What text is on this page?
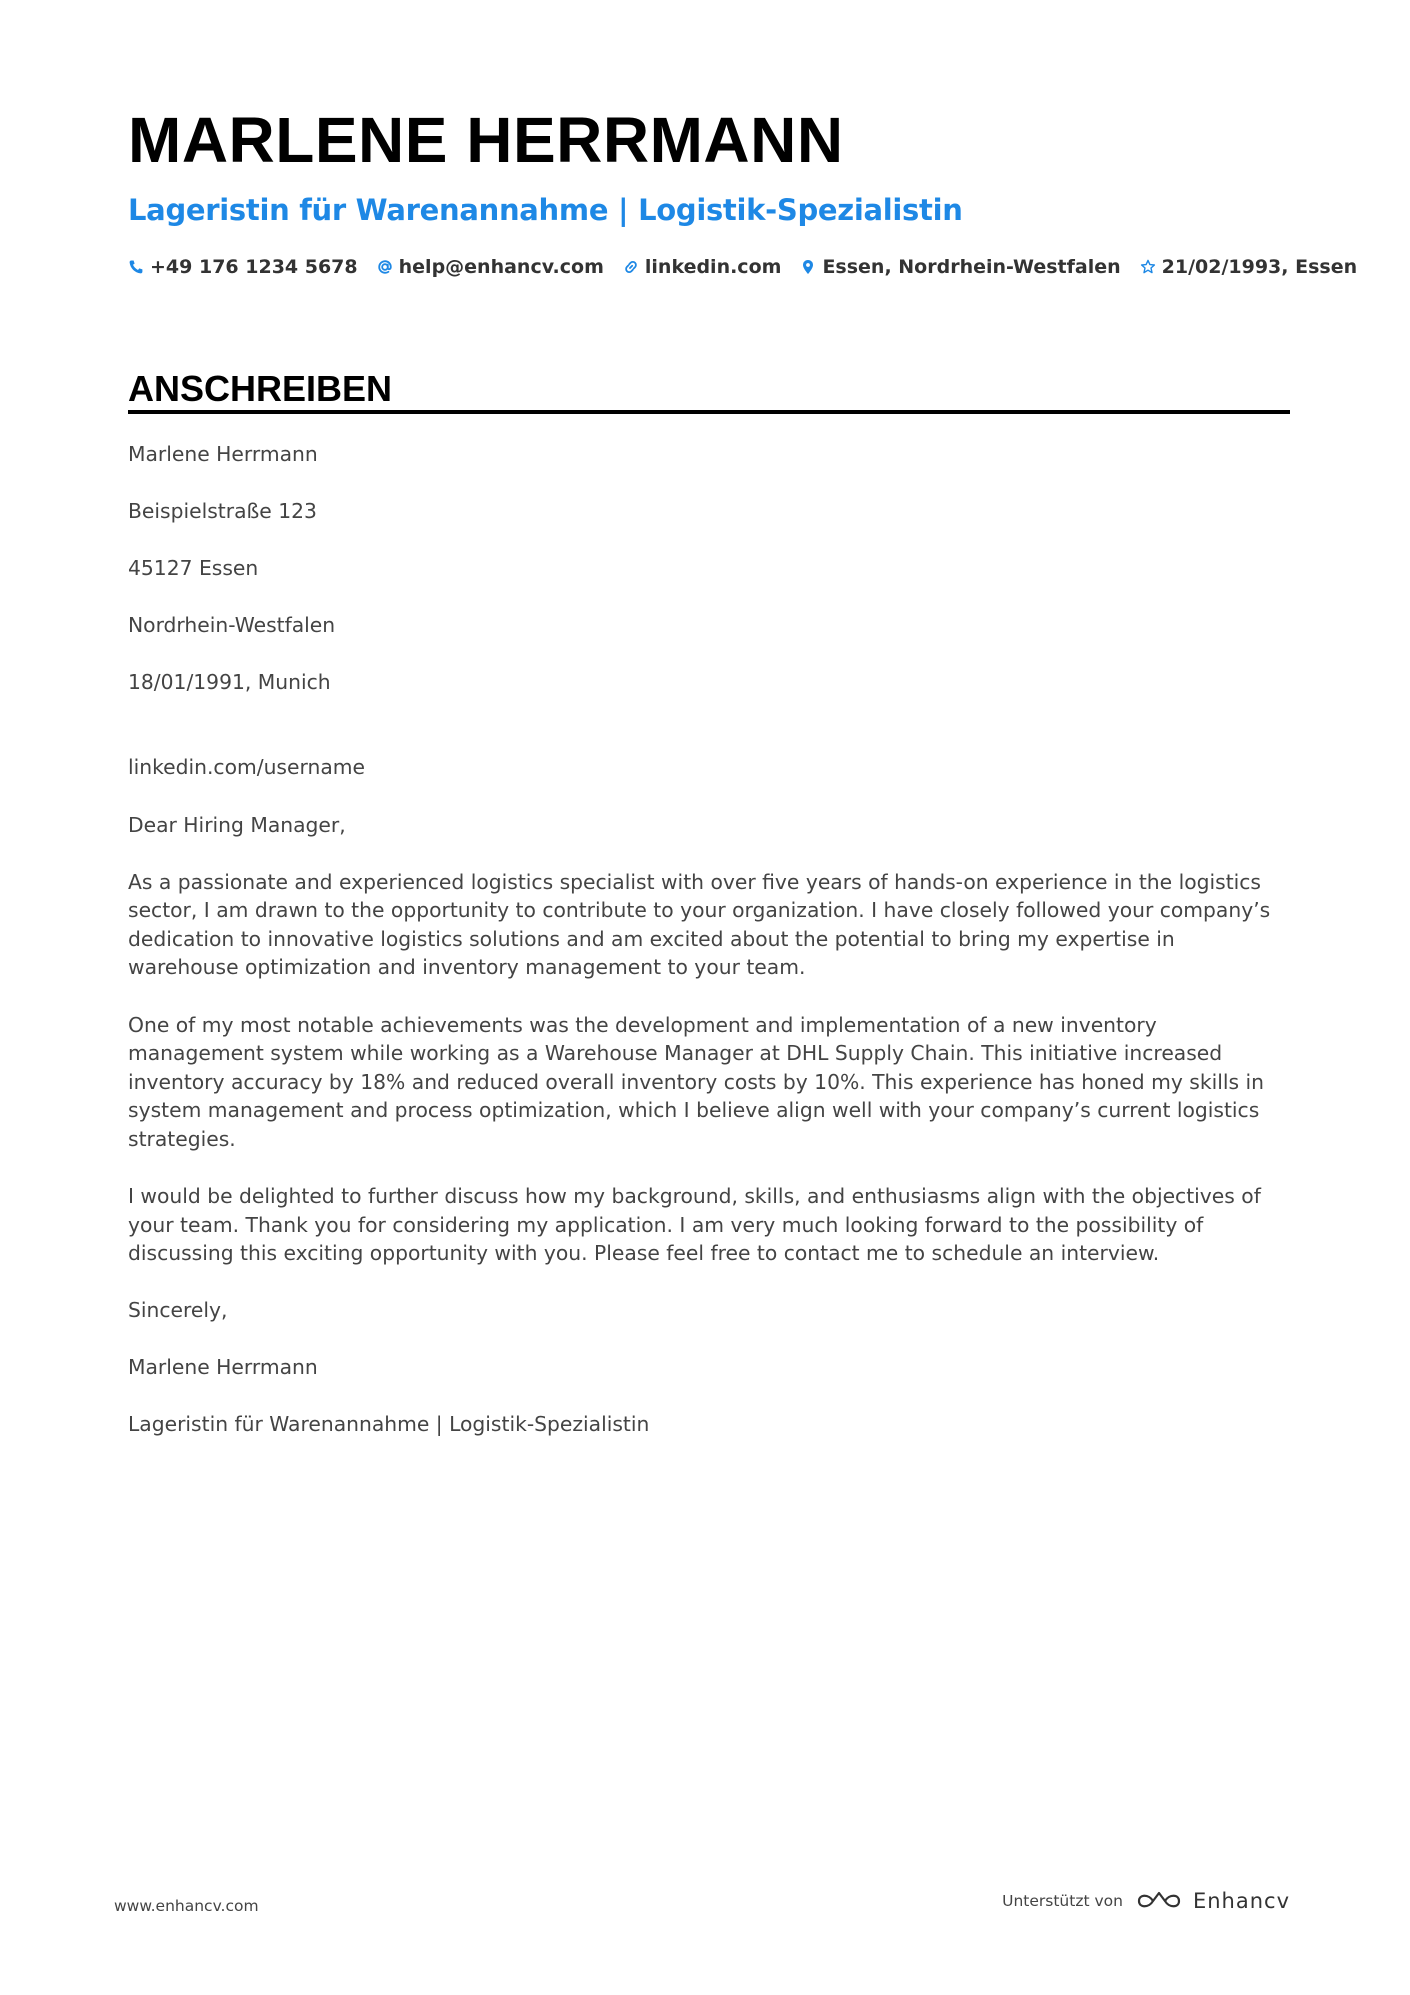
MARLENE HERRMANN
Lageristin für Warenannahme | Logistik-Spezialistin
+49 176 1234 5678 help@enhancv.com linkedin.com Essen, Nordrhein-Westfalen 21/02/1993, Essen
ANSCHREIBEN

Marlene Herrmann

Beispielstraße 123

45127 Essen

Nordrhein-Westfalen

18/01/1991, Munich

linkedin.com/username

Dear Hiring Manager,

As a passionate and experienced logistics specialist with over five years of hands-on experience in the logistics sector, I am drawn to the opportunity to contribute to your organization. I have closely followed your company’s dedication to innovative logistics solutions and am excited about the potential to bring my expertise in warehouse optimization and inventory management to your team.

One of my most notable achievements was the development and implementation of a new inventory management system while working as a Warehouse Manager at DHL Supply Chain. This initiative increased inventory accuracy by 18% and reduced overall inventory costs by 10%. This experience has honed my skills in system management and process optimization, which I believe align well with your company’s current logistics strategies.

I would be delighted to further discuss how my background, skills, and enthusiasms align with the objectives of your team. Thank you for considering my application. I am very much looking forward to the possibility of discussing this exciting opportunity with you. Please feel free to contact me to schedule an interview.

Sincerely,

Marlene Herrmann

Lageristin für Warenannahme | Logistik-Spezialistin

www.enhancv.com	Unterstützt von	Enhancv
